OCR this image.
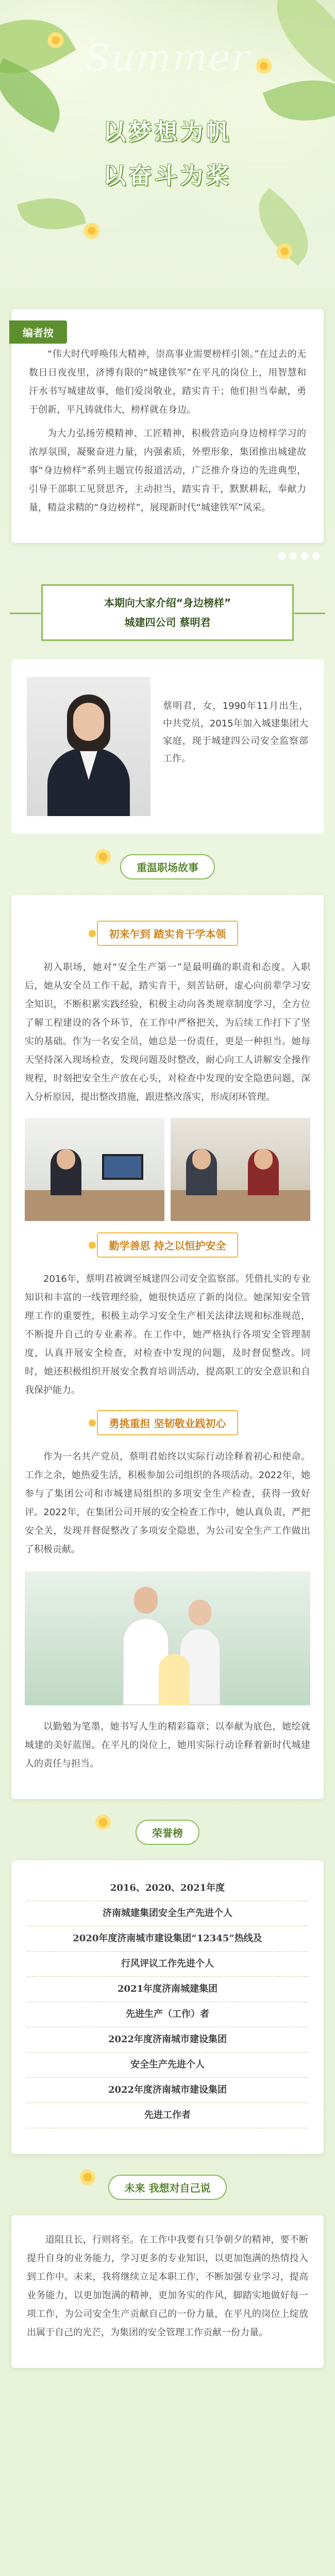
Summer
以梦想为帆
以奋斗为桨
编者按

“伟大时代呼唤伟大精神，崇高事业需要榜样引领。”在过去的无数日日夜夜里，济博有限的“城建铁军”在平凡的岗位上，用智慧和汗水书写城建故事，他们爱岗敬业，踏实肯干；他们担当奉献，勇于创新，平凡铸就伟大，榜样就在身边。

为大力弘扬劳模精神、工匠精神，积极营造向身边榜样学习的浓厚氛围，凝聚奋进力量，内强素质，外塑形象，集团推出城建故事“身边榜样”系列主题宣传报道活动，广泛推介身边的先进典型，引导干部职工见贤思齐，主动担当，踏实肯干，默默耕耘，奉献力量，精益求精的“身边榜样”，展现新时代“城建铁军”风采。

本期向大家介绍“身边榜样”
城建四公司 蔡明君
蔡明君，女，1990年11月出生，中共党员，2015年加入城建集团大家庭，现于城建四公司安全监察部工作。
重温职场故事
初来乍到 踏实肯干学本领

初入职场，她对“安全生产第一”是最明确的职责和态度。入职后，她从安全员工作干起，踏实肯干，刻苦钻研，虚心向前辈学习安全知识，不断积累实践经验，积极主动向各类规章制度学习，全方位了解工程建设的各个环节，在工作中严格把关，为后续工作打下了坚实的基础。作为一名安全员，她总是一份责任，更是一种担当。她每天坚持深入现场检查，发现问题及时整改，耐心向工人讲解安全操作规程，时刻把安全生产放在心头，对检查中发现的安全隐患问题，深入分析原因，提出整改措施，跟进整改落实，形成闭环管理。

勤学善思 持之以恒护安全

2016年，蔡明君被调至城建四公司安全监察部。凭借扎实的专业知识和丰富的一线管理经验，她很快适应了新的岗位。她深知安全管理工作的重要性，积极主动学习安全生产相关法律法规和标准规范，不断提升自己的专业素养。在工作中，她严格执行各项安全管理制度，认真开展安全检查，对检查中发现的问题，及时督促整改。同时，她还积极组织开展安全教育培训活动，提高职工的安全意识和自我保护能力。

勇挑重担 坚韧敬业践初心

作为一名共产党员，蔡明君始终以实际行动诠释着初心和使命。工作之余，她热爱生活，积极参加公司组织的各项活动。2022年，她参与了集团公司和市城建局组织的多项安全生产检查，获得一致好评。2022年，在集团公司开展的安全检查工作中，她认真负责，严把安全关，发现并督促整改了多项安全隐患，为公司安全生产工作做出了积极贡献。

以勤勉为笔墨，她书写人生的精彩篇章；以奉献为底色，她绘就城建的美好蓝图。在平凡的岗位上，她用实际行动诠释着新时代城建人的责任与担当。

荣誉榜
2016、2020、2021年度
济南城建集团安全生产先进个人
2020年度济南城市建设集团“12345”热线及
行风评议工作先进个人
2021年度济南城建集团
先进生产（工作）者
2022年度济南城市建设集团
安全生产先进个人
2022年度济南城市建设集团
先进工作者
未来 我想对自己说

道阻且长，行则将至。在工作中我要有只争朝夕的精神，要不断提升自身的业务能力，学习更多的专业知识，以更加饱满的热情投入到工作中。未来，我将继续立足本职工作，不断加强专业学习，提高业务能力，以更加饱满的精神，更加务实的作风，脚踏实地做好每一项工作，为公司安全生产贡献自己的一份力量，在平凡的岗位上绽放出属于自己的光芒，为集团的安全管理工作贡献一份力量。
